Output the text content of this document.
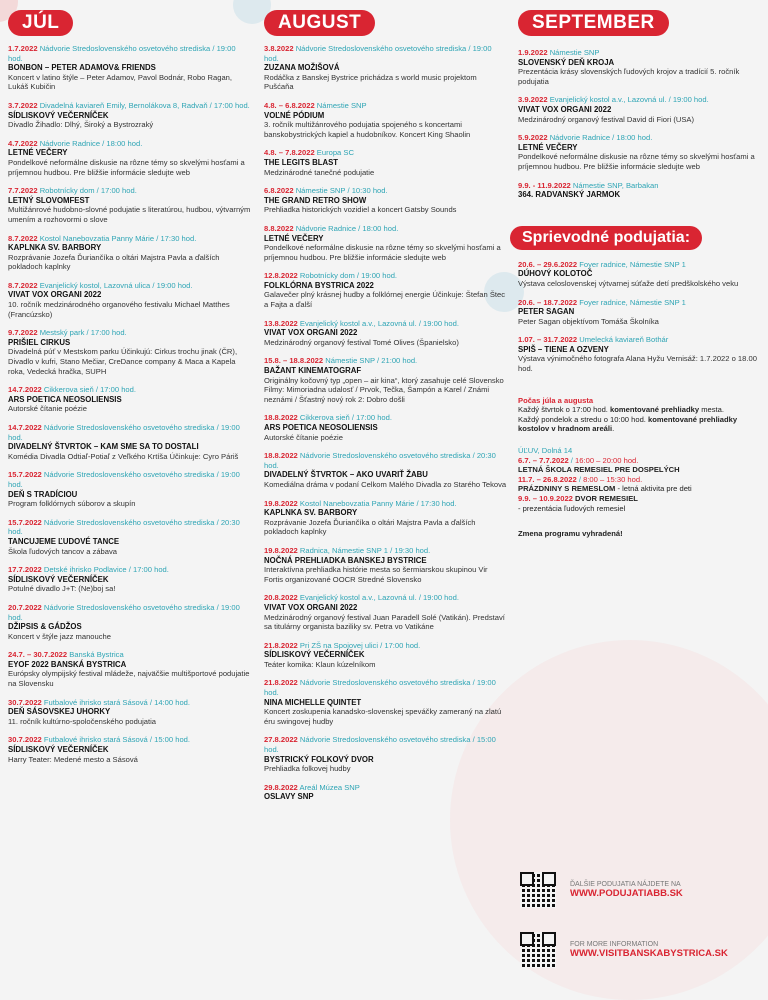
JÚL
1.7.2022 Nádvorie Stredoslovenského osvetového strediska / 19:00 hod.
BONBON – PETER ADAMOV& FRIENDS
Koncert v latino štýle – Peter Adamov, Pavol Bodnár, Robo Ragan, Lukáš Kubičin
3.7.2022 Divadelná kaviareň Emily, Bernolákova 8, Radvaň / 17:00 hod.
SÍDLISKOVÝ VEČERNÍČEK
Divadlo Žihadlo: Dlhý, Široký a Bystrozraký
4.7.2022 Nádvorie Radnice / 18:00 hod.
LETNÉ VEČERY
Pondelkové neformálne diskusie na rôzne témy so skvelými hosťami a príjemnou hudbou. Pre bližšie informácie sledujte web
7.7.2022 Robotnícky dom / 17:00 hod.
LETNÝ SLOVOMFEST
Multižánrové hudobno-slovné podujatie s literatúrou, hudbou, výtvarným umením a rozhovormi o slove
8.7.2022 Kostol Nanebovzatia Panny Márie / 17:30 hod.
KAPLNKA SV. BARBORY
Rozprávanie Jozefa Ďuriančíka o oltári Majstra Pavla a ďalších pokladoch kaplnky
8.7.2022 Evanjelický kostol, Lazovná ulica / 19:00 hod.
VIVAT VOX ORGANI 2022
10. ročník medzinárodného organového festivalu Michael Matthes (Francúzsko)
9.7.2022 Mestský park / 17:00 hod.
PRIŠIEL CIRKUS
Divadelná púť v Mestskom parku Účinkujú: Cirkus trochu jinak (ČR), Divadlo v kufri, Stano Mečiar, CreDance company & Maca a Kapela roka, Vedecká hračka, SUPH
14.7.2022 Cikkerova sieň / 17:00 hod.
ARS POETICA NEOSOLIENSIS
Autorské čítanie poézie
14.7.2022 Nádvorie Stredoslovenského osvetového strediska / 19:00 hod.
DIVADELNÝ ŠTVRTOK – KAM SME SA TO DOSTALI
Komédia Divadla Odtiaľ-Potiaľ z Veľkého Krtíša Účinkuje: Cyro Páriš
15.7.2022 Nádvorie Stredoslovenského osvetového strediska / 19:00 hod.
DEŇ S TRADÍCIOU
Program folklórnych súborov a skupín
15.7.2022 Nádvorie Stredoslovenského osvetového strediska / 20:30 hod.
TANCUJEME ĽUDOVÉ TANCE
Škola ľudových tancov a zábava
17.7.2022 Detské ihrisko Podlavice / 17:00 hod.
SÍDLISKOVÝ VEČERNÍČEK
Potulné divadlo J+T: (Ne)boj sa!
20.7.2022 Nádvorie Stredoslovenského osvetového strediska / 19:00 hod.
DŽIPSIS & GÁDŽOS
Koncert v štýle jazz manouche
24.7. – 30.7.2022 Banská Bystrica
EYOF 2022 BANSKÁ BYSTRICA
Európsky olympijský festival mládeže, najväčšie multišportové podujatie na Slovensku
30.7.2022 Futbalové ihrisko stará Sásová / 14:00 hod.
DEŇ SÁSOVSKEJ UHORKY
11. ročník kultúrno-spoločenského podujatia
30.7.2022 Futbalové ihrisko stará Sásová / 15:00 hod.
SÍDLISKOVÝ VEČERNÍČEK
Harry Teater: Medené mesto a Sásová
AUGUST
3.8.2022 Nádvorie Stredoslovenského osvetového strediska / 19:00 hod.
ZUZANA MOŽIŠOVÁ
Rodáčka z Banskej Bystrice prichádza s world music projektom Pušćaňa
4.8. – 6.8.2022 Námestie SNP
VOĽNÉ PÓDIUM
3. ročník multižánrového podujatia spojeného s koncertami banskobystrických kapiel a hudobníkov. Koncert King Shaolin
4.8. – 7.8.2022 Europa SC
THE LEGITS BLAST
Medzinárodné tanečné podujatie
6.8.2022 Námestie SNP / 10:30 hod.
THE GRAND RETRO SHOW
Prehliadka historických vozidiel a koncert Gatsby Sounds
8.8.2022 Nádvorie Radnice / 18:00 hod.
LETNÉ VEČERY
Pondelkové neformálne diskusie na rôzne témy so skvelými hosťami a príjemnou hudbou. Pre bližšie informácie sledujte web
12.8.2022 Robotnícky dom / 19:00 hod.
FOLKLÓRNA BYSTRICA 2022
Galavečer plný krásnej hudby a folklórnej energie Účinkuje: Štefan Štec a Fajta a ďalší
13.8.2022 Evanjelický kostol a.v., Lazovná ul. / 19:00 hod.
VIVAT VOX ORGANI 2022
Medzinárodný organový festival Tomé Olives (Španielsko)
15.8. – 18.8.2022 Námestie SNP / 21:00 hod.
BAŽANT KINEMATOGRAF
Originálny kočovný typ „open – air kina“, ktorý zasahuje celé Slovensko Filmy: Mimoriadna udalosť / Prvok, Tečka, Šampón a Karel / Známi neznámi / Šťastný nový rok 2: Dobro došli
18.8.2022 Cikkerova sieň / 17:00 hod.
ARS POETICA NEOSOLIENSIS
Autorské čítanie poézie
18.8.2022 Nádvorie Stredoslovenského osvetového strediska / 20:30 hod.
DIVADELNÝ ŠTVRTOK – AKO UVARIŤ ŽABU
Komediálna dráma v podaní Celkom Malého Divadla zo Starého Tekova
19.8.2022 Kostol Nanebovzatia Panny Márie / 17:30 hod.
KAPLNKA SV. BARBORY
Rozprávanie Jozefa Ďuriančíka o oltári Majstra Pavla a ďalších pokladoch kaplnky
19.8.2022 Radnica, Námestie SNP 1 / 19:30 hod.
NOČNÁ PREHLIADKA BANSKEJ BYSTRICE
Interaktívna prehliadka histórie mesta so šermiarskou skupinou Vir Fortis organizované OOCR Stredné Slovensko
20.8.2022 Evanjelický kostol a.v., Lazovná ul. / 19:00 hod.
VIVAT VOX ORGANI 2022
Medzinárodný organový festival Juan Paradell Solé (Vatikán). Predstaví sa titulárny organista baziliky sv. Petra vo Vatikáne
21.8.2022 Pri ZŠ na Spojovej ulici / 17:00 hod.
SÍDLISKOVÝ VEČERNÍČEK
Teáter komika: Klaun kúzelníkom
21.8.2022 Nádvorie Stredoslovenského osvetového strediska / 19:00 hod.
NINA MICHELLE QUINTET
Koncert zoskupenia kanadsko-slovenskej speváčky zameraný na zlatú éru swingovej hudby
27.8.2022 Nádvorie Stredoslovenského osvetového strediska / 15:00 hod.
BYSTRICKÝ FOLKOVÝ DVOR
Prehliadka folkovej hudby
29.8.2022 Areál Múzea SNP
OSLAVY SNP
SEPTEMBER
1.9.2022 Námestie SNP
SLOVENSKÝ DEŇ KROJA
Prezentácia krásy slovenských ľudových krojov a tradícií 5. ročník podujatia
3.9.2022 Evanjelický kostol a.v., Lazovná ul. / 19:00 hod.
VIVAT VOX ORGANI 2022
Medzinárodný organový festival David di Fiori (USA)
5.9.2022 Nádvorie Radnice / 18:00 hod.
LETNÉ VEČERY
Pondelkové neformálne diskusie na rôzne témy so skvelými hosťami a príjemnou hudbou. Pre bližšie informácie sledujte web
9.9. - 11.9.2022 Námestie SNP, Barbakan
364. RADVANSKÝ JARMOK
Sprievodné podujatia:
20.6. – 29.6.2022 Foyer radnice, Námestie SNP 1
DÚHOVÝ KOLOTOČ
Výstava celoslovenskej výtvarnej súťaže detí predškolského veku
20.6. – 18.7.2022 Foyer radnice, Námestie SNP 1
PETER SAGAN
Peter Sagan objektívom Tomáša Školníka
1.07. – 31.7.2022 Umelecká kaviareň Bothár
SPIŠ – TIENE A OZVENY
Výstava výnimočného fotografa Alana Hyžu Vernisáž: 1.7.2022 o 18.00 hod.
Počas júla a augusta
Každý štvrtok o 17:00 hod. komentované prehliadky mesta.
Každý pondelok a stredu o 10:00 hod. komentované prehliadky kostolov v hradnom areáli.
ÚĽUV, Dolná 14
6.7. – 7.7.2022 / 16:00 – 20:00 hod.
LETNÁ ŠKOLA REMESIEL PRE DOSPELÝCH
11.7. – 26.8.2022 / 8:00 – 15:30 hod.
PRÁZDNINY S REMESLOM - letná aktivita pre deti
9.9. – 10.9.2022 DVOR REMESIEL
- prezentácia ľudových remesiel
Zmena programu vyhradená!
ĎALŠIE PODUJATIA NÁJDETE NA
WWW.PODUJATIABB.SK
FOR MORE INFORMATION
WWW.VISITBANSKABYSTRICA.SK
